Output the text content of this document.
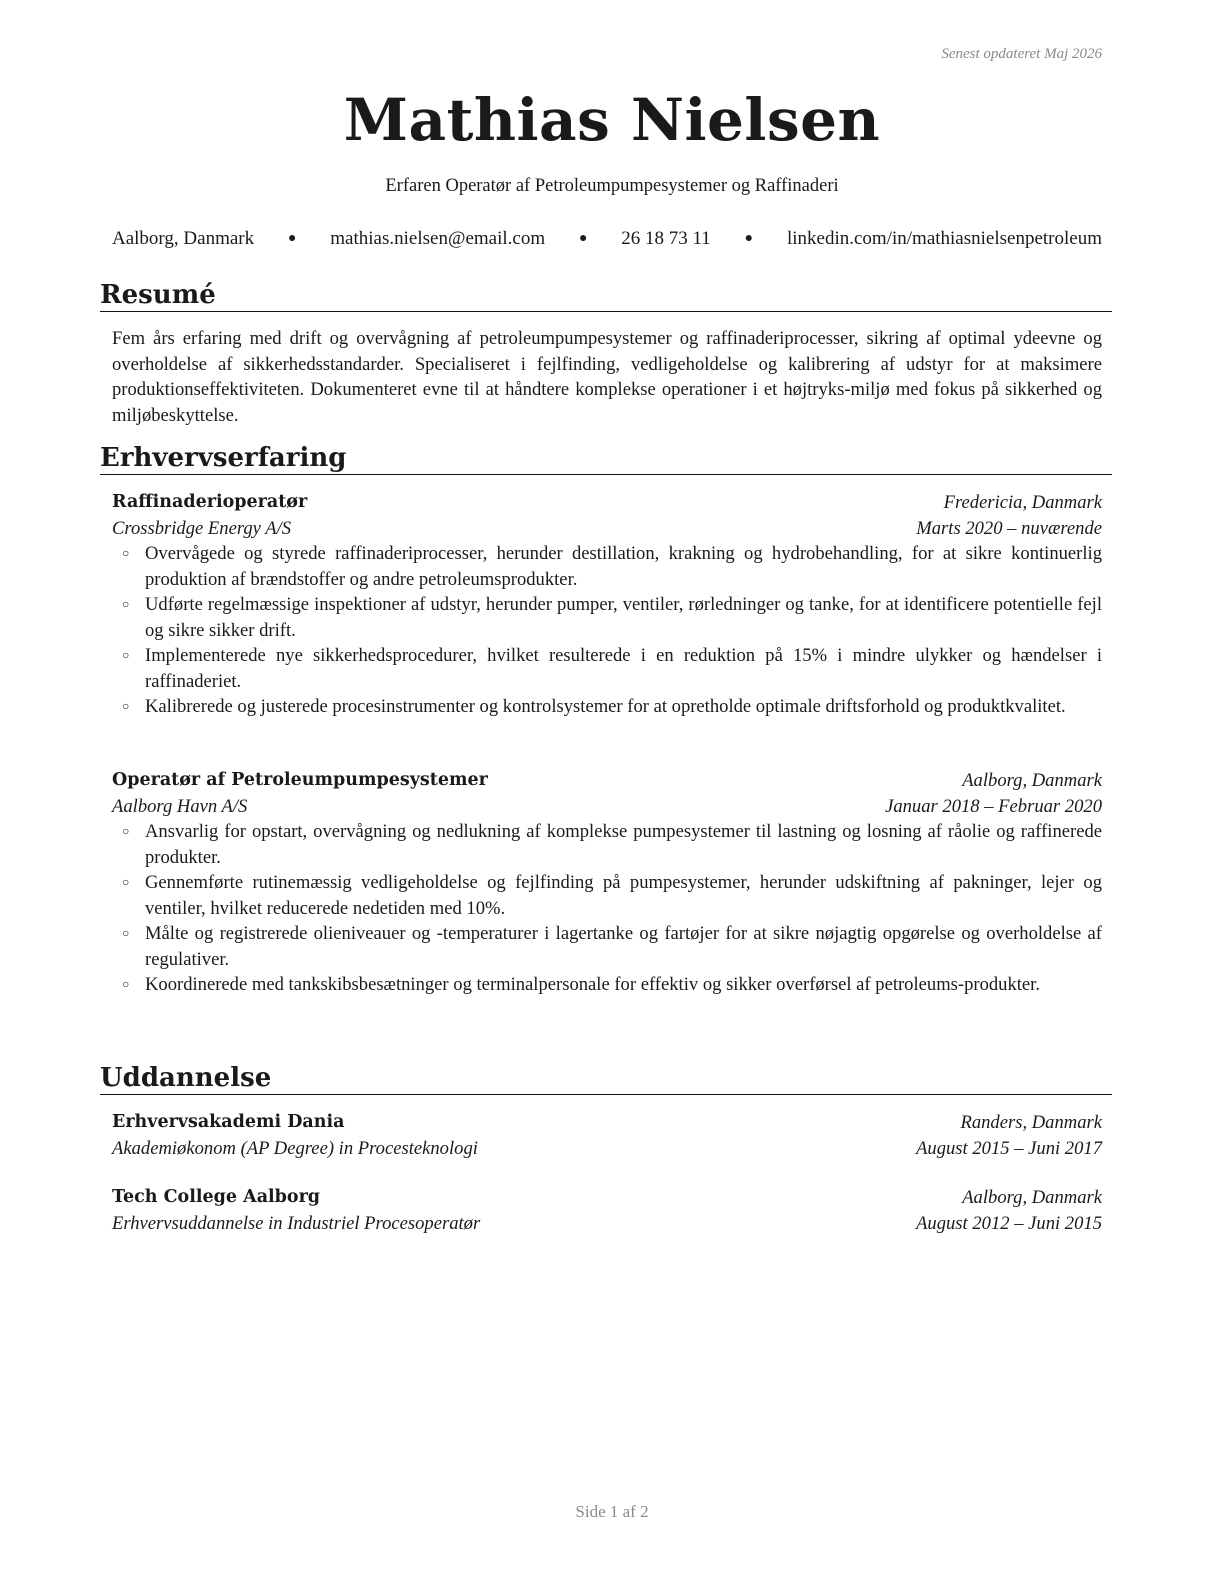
Senest opdateret Maj 2026
Mathias Nielsen
Erfaren Operatør af Petroleumpumpesystemer og Raffinaderi
Aalborg, Danmark ● mathias.nielsen@email.com ● 26 18 73 11 ● linkedin.com/in/mathiasnielsenpetroleum
Resumé
Fem års erfaring med drift og overvågning af petroleumpumpesystemer og raffinaderiprocesser, sikring af optimal ydeevne og overholdelse af sikkerhedsstandarder. Specialiseret i fejlfinding, vedligeholdelse og kalibrering af udstyr for at maksimere produktionseffektiviteten. Dokumenteret evne til at håndtere komplekse operationer i et højtryks-miljø med fokus på sikkerhed og miljøbeskyttelse.
Erhvervserfaring
Raffinaderioperatør	Fredericia, Danmark
Crossbridge Energy A/S	Marts 2020 – nuværende
○ Overvågede og styrede raffinaderiprocesser, herunder destillation, krakning og hydrobehandling, for at sikre kontinuerlig produktion af brændstoffer og andre petroleumsprodukter.
○ Udførte regelmæssige inspektioner af udstyr, herunder pumper, ventiler, rørledninger og tanke, for at identificere potentielle fejl og sikre sikker drift.
○ Implementerede nye sikkerhedsprocedurer, hvilket resulterede i en reduktion på 15% i mindre ulykker og hændelser i raffinaderiet.
○ Kalibrerede og justerede procesinstrumenter og kontrolsystemer for at opretholde optimale driftsforhold og produktkvalitet.
Operatør af Petroleumpumpesystemer	Aalborg, Danmark
Aalborg Havn A/S	Januar 2018 – Februar 2020
○ Ansvarlig for opstart, overvågning og nedlukning af komplekse pumpesystemer til lastning og losning af råolie og raffinerede produkter.
○ Gennemførte rutinemæssig vedligeholdelse og fejlfinding på pumpesystemer, herunder udskiftning af pakninger, lejer og ventiler, hvilket reducerede nedetiden med 10%.
○ Målte og registrerede olieniveauer og -temperaturer i lagertanke og fartøjer for at sikre nøjagtig opgørelse og overholdelse af regulativer.
○ Koordinerede med tankskibsbesætninger og terminalpersonale for effektiv og sikker overførsel af petroleums-produkter.
Uddannelse
Erhvervsakademi Dania	Randers, Danmark
Akademiøkonom (AP Degree) in Procesteknologi	August 2015 – Juni 2017
Tech College Aalborg	Aalborg, Danmark
Erhvervsuddannelse in Industriel Procesoperatør	August 2012 – Juni 2015
Side 1 af 2
